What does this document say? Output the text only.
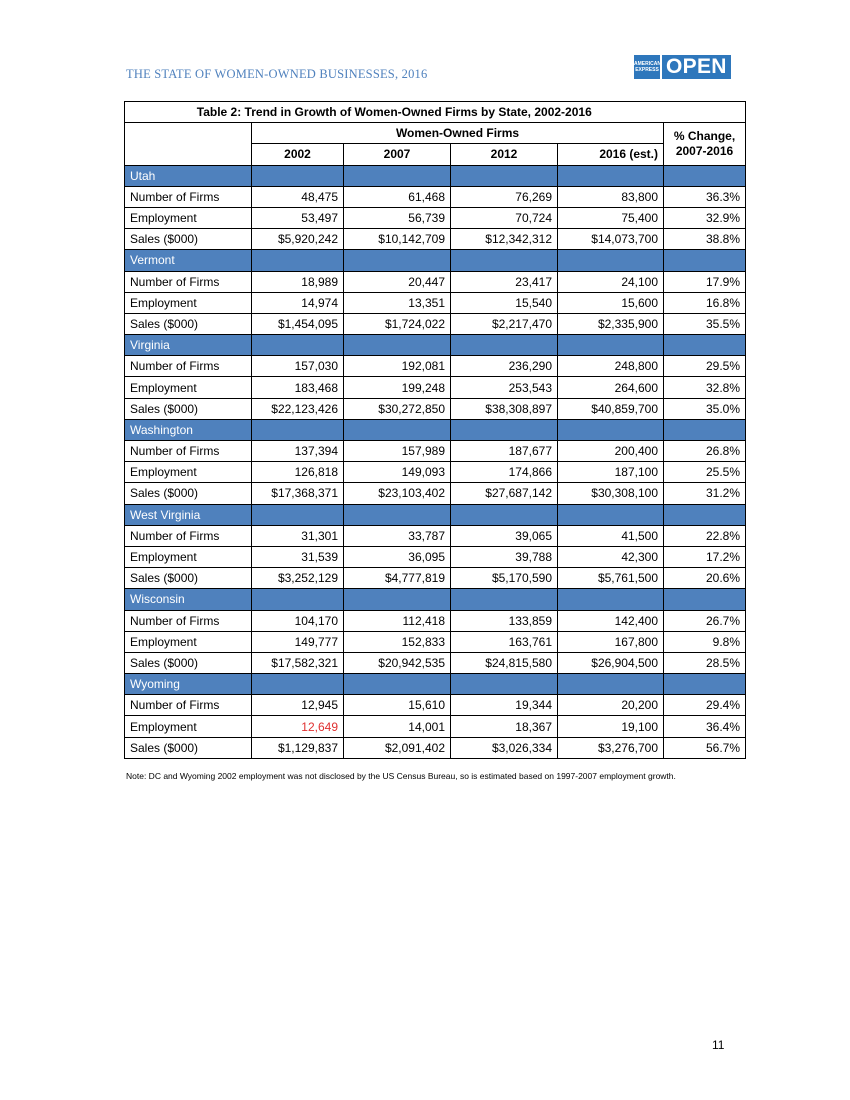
THE STATE OF WOMEN-OWNED BUSINESSES, 2016
AMERICAN EXPRESS OPEN
Table 2: Trend in Growth of Women-Owned Firms by State, 2002-2016					
	Women-Owned Firms				% Change, 2007-2016
	2002	2007	2012	2016 (est.)	
Utah					
Number of Firms	48,475	61,468	76,269	83,800	36.3%
Employment	53,497	56,739	70,724	75,400	32.9%
Sales ($000)	$5,920,242	$10,142,709	$12,342,312	$14,073,700	38.8%
Vermont					
Number of Firms	18,989	20,447	23,417	24,100	17.9%
Employment	14,974	13,351	15,540	15,600	16.8%
Sales ($000)	$1,454,095	$1,724,022	$2,217,470	$2,335,900	35.5%
Virginia					
Number of Firms	157,030	192,081	236,290	248,800	29.5%
Employment	183,468	199,248	253,543	264,600	32.8%
Sales ($000)	$22,123,426	$30,272,850	$38,308,897	$40,859,700	35.0%
Washington					
Number of Firms	137,394	157,989	187,677	200,400	26.8%
Employment	126,818	149,093	174,866	187,100	25.5%
Sales ($000)	$17,368,371	$23,103,402	$27,687,142	$30,308,100	31.2%
West Virginia					
Number of Firms	31,301	33,787	39,065	41,500	22.8%
Employment	31,539	36,095	39,788	42,300	17.2%
Sales ($000)	$3,252,129	$4,777,819	$5,170,590	$5,761,500	20.6%
Wisconsin					
Number of Firms	104,170	112,418	133,859	142,400	26.7%
Employment	149,777	152,833	163,761	167,800	9.8%
Sales ($000)	$17,582,321	$20,942,535	$24,815,580	$26,904,500	28.5%
Wyoming					
Number of Firms	12,945	15,610	19,344	20,200	29.4%
Employment	12,649	14,001	18,367	19,100	36.4%
Sales ($000)	$1,129,837	$2,091,402	$3,026,334	$3,276,700	56.7%
Note: DC and Wyoming 2002 employment was not disclosed by the US Census Bureau, so is estimated based on 1997-2007 employment growth.
11
